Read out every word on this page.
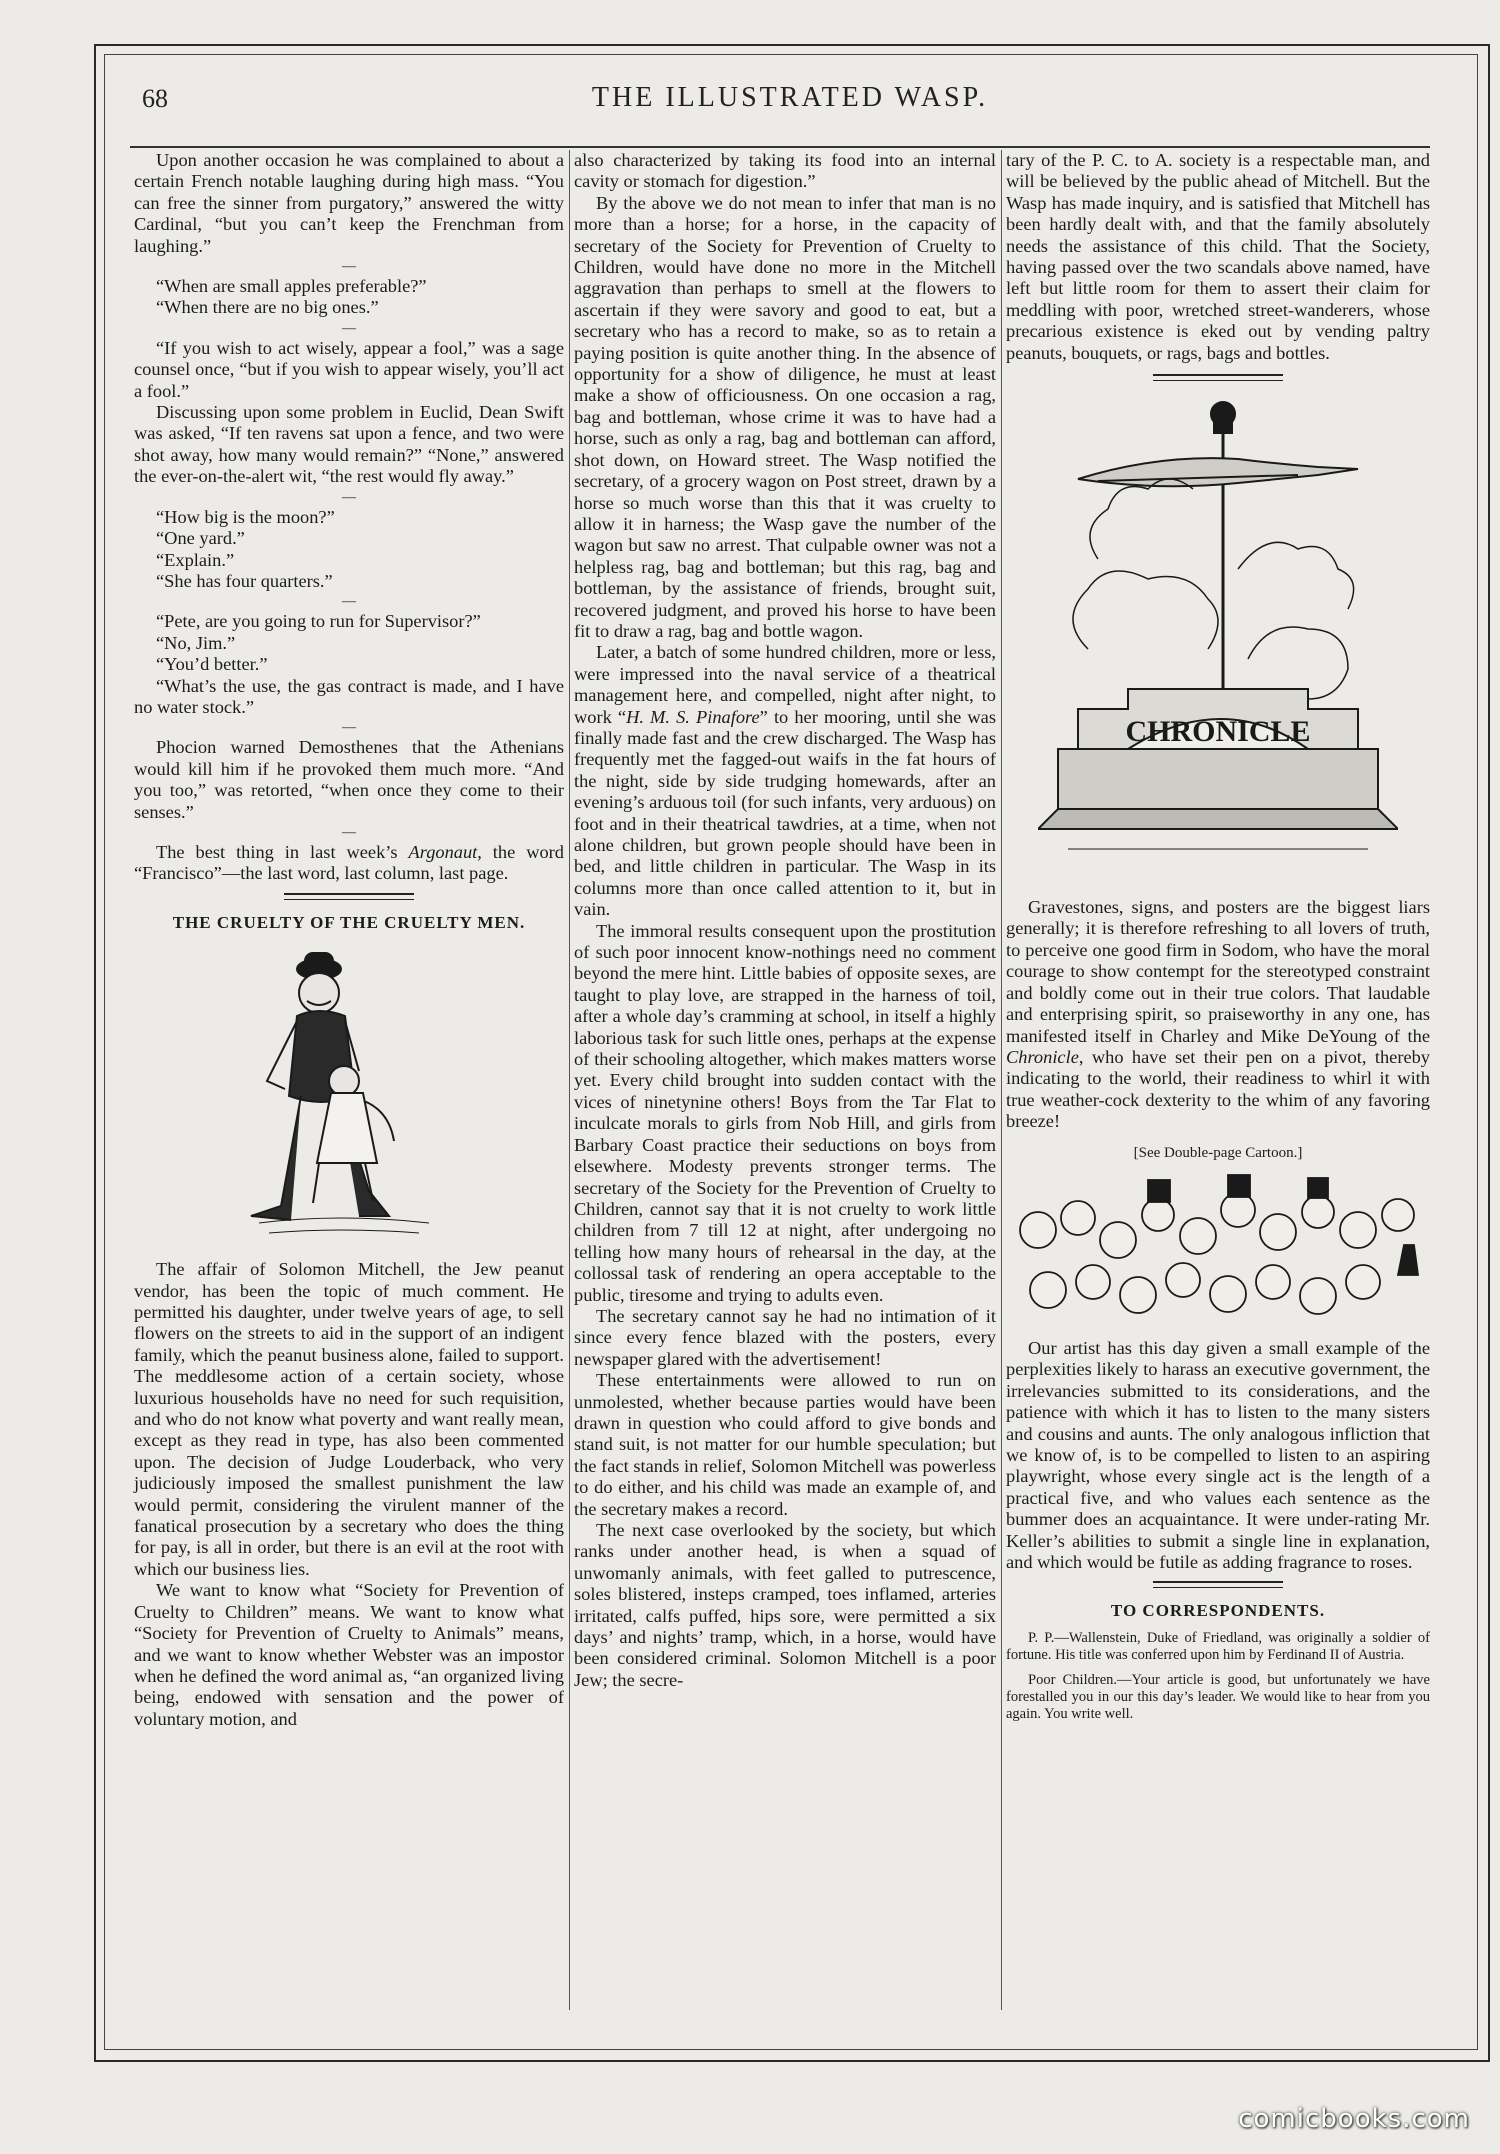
68	THE ILLUSTRATED WASP.

Upon another occasion he was complained to about a certain French notable laughing during high mass. “You can free the sinner from purgatory,” answered the witty Cardinal, “but you can’t keep the Frenchman from laughing.”

—

“When are small apples preferable?”

“When there are no big ones.”

—

“If you wish to act wisely, appear a fool,” was a sage counsel once, “but if you wish to appear wisely, you’ll act a fool.”

Discussing upon some problem in Euclid, Dean Swift was asked, “If ten ravens sat upon a fence, and two were shot away, how many would remain?” “None,” answered the ever-on-the-alert wit, “the rest would fly away.”

—

“How big is the moon?”

“One yard.”

“Explain.”

“She has four quarters.”

—

“Pete, are you going to run for Supervisor?”

“No, Jim.”

“You’d better.”

“What’s the use, the gas contract is made, and I have no water stock.”

—

Phocion warned Demosthenes that the Athenians would kill him if he provoked them much more. “And you too,” was retorted, “when once they come to their senses.”

—

The best thing in last week’s Argonaut, the word “Francisco”—the last word, last column, last page.

THE CRUELTY OF THE CRUELTY MEN.

The affair of Solomon Mitchell, the Jew peanut vendor, has been the topic of much comment. He permitted his daughter, under twelve years of age, to sell flowers on the streets to aid in the support of an indigent family, which the peanut business alone, failed to support. The meddlesome action of a certain society, whose luxurious households have no need for such requisition, and who do not know what poverty and want really mean, except as they read in type, has also been commented upon. The decision of Judge Louderback, who very judiciously imposed the smallest punishment the law would permit, considering the virulent manner of the fanatical prosecution by a secretary who does the thing for pay, is all in order, but there is an evil at the root with which our business lies.

We want to know what “Society for Prevention of Cruelty to Children” means. We want to know what “Society for Prevention of Cruelty to Animals” means, and we want to know whether Webster was an impostor when he defined the word animal as, “an organized living being, endowed with sensation and the power of voluntary motion, and

also characterized by taking its food into an internal cavity or stomach for digestion.”

By the above we do not mean to infer that man is no more than a horse; for a horse, in the capacity of secretary of the Society for Prevention of Cruelty to Children, would have done no more in the Mitchell aggravation than perhaps to smell at the flowers to ascertain if they were savory and good to eat, but a secretary who has a record to make, so as to retain a paying position is quite another thing. In the absence of opportunity for a show of diligence, he must at least make a show of officiousness. On one occasion a rag, bag and bottleman, whose crime it was to have had a horse, such as only a rag, bag and bottleman can afford, shot down, on Howard street. The Wasp notified the secretary, of a grocery wagon on Post street, drawn by a horse so much worse than this that it was cruelty to allow it in harness; the Wasp gave the number of the wagon but saw no arrest. That culpable owner was not a helpless rag, bag and bottleman; but this rag, bag and bottleman, by the assistance of friends, brought suit, recovered judgment, and proved his horse to have been fit to draw a rag, bag and bottle wagon.

Later, a batch of some hundred children, more or less, were impressed into the naval service of a theatrical management here, and compelled, night after night, to work “H. M. S. Pinafore” to her mooring, until she was finally made fast and the crew discharged. The Wasp has frequently met the fagged-out waifs in the fat hours of the night, side by side trudging homewards, after an evening’s arduous toil (for such infants, very arduous) on foot and in their theatrical tawdries, at a time, when not alone children, but grown people should have been in bed, and little children in particular. The Wasp in its columns more than once called attention to it, but in vain.

The immoral results consequent upon the prostitution of such poor innocent know-nothings need no comment beyond the mere hint. Little babies of opposite sexes, are taught to play love, are strapped in the harness of toil, after a whole day’s cramming at school, in itself a highly laborious task for such little ones, perhaps at the expense of their schooling altogether, which makes matters worse yet. Every child brought into sudden contact with the vices of ninetynine others! Boys from the Tar Flat to inculcate morals to girls from Nob Hill, and girls from Barbary Coast practice their seductions on boys from elsewhere. Modesty prevents stronger terms. The secretary of the Society for the Prevention of Cruelty to Children, cannot say that it is not cruelty to work little children from 7 till 12 at night, after undergoing no telling how many hours of rehearsal in the day, at the collossal task of rendering an opera acceptable to the public, tiresome and trying to adults even.

The secretary cannot say he had no intimation of it since every fence blazed with the posters, every newspaper glared with the advertisement!

These entertainments were allowed to run on unmolested, whether because parties would have been drawn in question who could afford to give bonds and stand suit, is not matter for our humble speculation; but the fact stands in relief, Solomon Mitchell was powerless to do either, and his child was made an example of, and the secretary makes a record.

The next case overlooked by the society, but which ranks under another head, is when a squad of unwomanly animals, with feet galled to putrescence, soles blistered, insteps cramped, toes inflamed, arteries irritated, calfs puffed, hips sore, were permitted a six days’ and nights’ tramp, which, in a horse, would have been considered criminal. Solomon Mitchell is a poor Jew; the secre-

tary of the P. C. to A. society is a respectable man, and will be believed by the public ahead of Mitchell. But the Wasp has made inquiry, and is satisfied that Mitchell has been hardly dealt with, and that the family absolutely needs the assistance of this child. That the Society, having passed over the two scandals above named, have left but little room for them to assert their claim for meddling with poor, wretched street-wanderers, whose precarious existence is eked out by vending paltry peanuts, bouquets, or rags, bags and bottles.

CHRONICLE

Gravestones, signs, and posters are the biggest liars generally; it is therefore refreshing to all lovers of truth, to perceive one good firm in Sodom, who have the moral courage to show contempt for the stereotyped constraint and boldly come out in their true colors. That laudable and enterprising spirit, so praiseworthy in any one, has manifested itself in Charley and Mike DeYoung of the Chronicle, who have set their pen on a pivot, thereby indicating to the world, their readiness to whirl it with true weather-cock dexterity to the whim of any favoring breeze!

[See Double-page Cartoon.]

Our artist has this day given a small example of the perplexities likely to harass an executive government, the irrelevancies submitted to its considerations, and the patience with which it has to listen to the many sisters and cousins and aunts. The only analogous infliction that we know of, is to be compelled to listen to an aspiring playwright, whose every single act is the length of a practical five, and who values each sentence as the bummer does an acquaintance. It were under-rating Mr. Keller’s abilities to submit a single line in explanation, and which would be futile as adding fragrance to roses.

TO CORRESPONDENTS.

P. P.—Wallenstein, Duke of Friedland, was originally a soldier of fortune. His title was conferred upon him by Ferdinand II of Austria.

Poor Children.—Your article is good, but unfortunately we have forestalled you in our this day’s leader. We would like to hear from you again. You write well.

comicbooks.com
